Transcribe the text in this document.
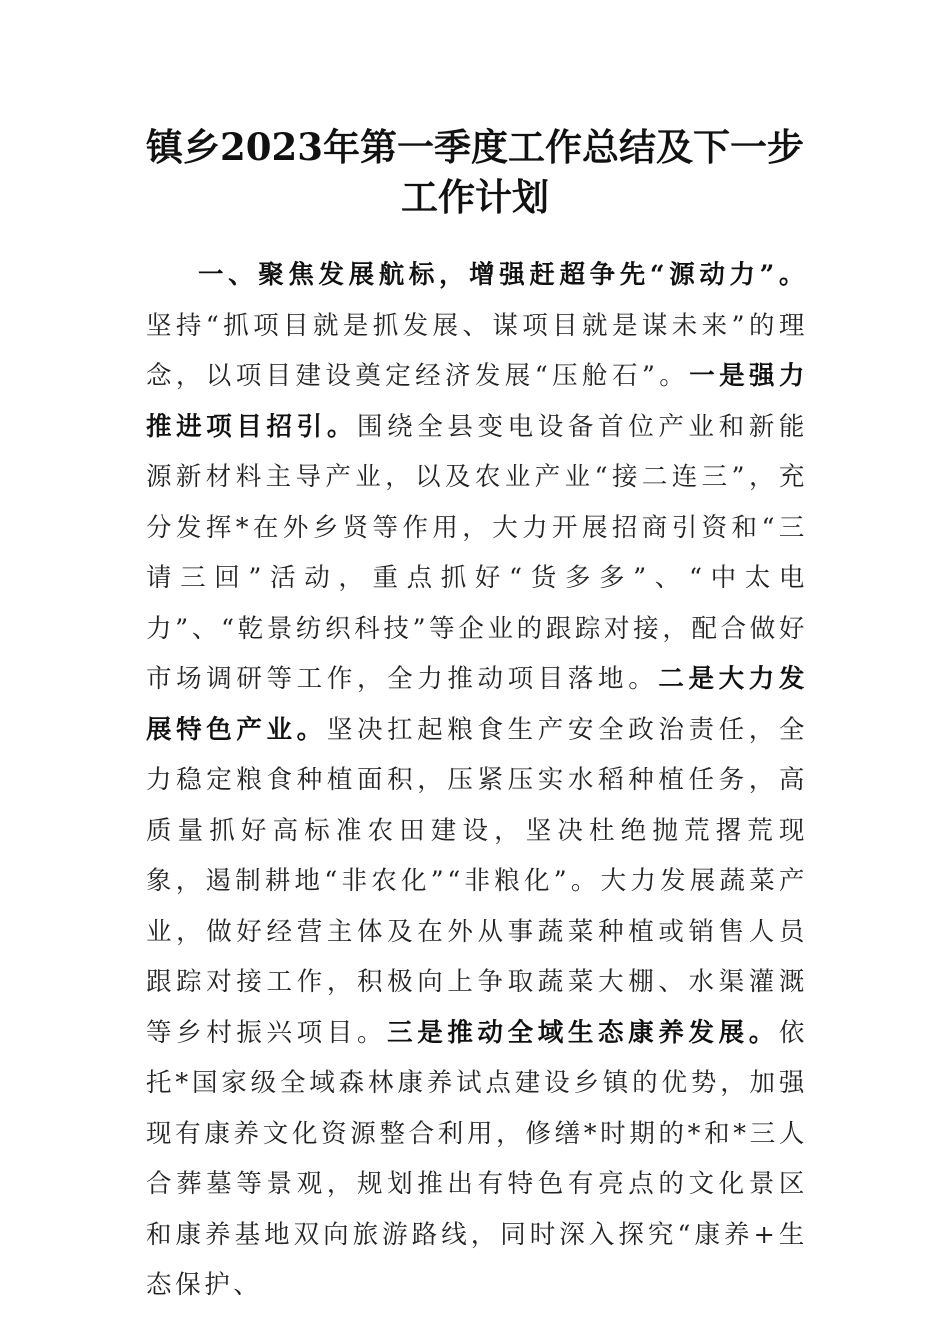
镇乡2023年第一季度工作总结及下一步
工作计划

一、聚焦发展航标，增强赶超争先“源动力”。坚持“抓项目就是抓发展、谋项目就是谋未来”的理念，以项目建设奠定经济发展“压舱石”。一是强力推进项目招引。围绕全县变电设备首位产业和新能源新材料主导产业，以及农业产业“接二连三”，充分发挥*在外乡贤等作用，大力开展招商引资和“三请三回”活动，重点抓好“货多多”、“中太电力”、“乾景纺织科技”等企业的跟踪对接，配合做好市场调研等工作，全力推动项目落地。二是大力发展特色产业。坚决扛起粮食生产安全政治责任，全力稳定粮食种植面积，压紧压实水稻种植任务，高质量抓好高标准农田建设，坚决杜绝抛荒撂荒现象，遏制耕地“非农化”“非粮化”。大力发展蔬菜产业，做好经营主体及在外从事蔬菜种植或销售人员跟踪对接工作，积极向上争取蔬菜大棚、水渠灌溉等乡村振兴项目。三是推动全域生态康养发展。依托*国家级全域森林康养试点建设乡镇的优势，加强现有康养文化资源整合利用，修缮*时期的*和*三人合葬墓等景观，规划推出有特色有亮点的文化景区和康养基地双向旅游路线，同时深入探究“康养+生态保护、
